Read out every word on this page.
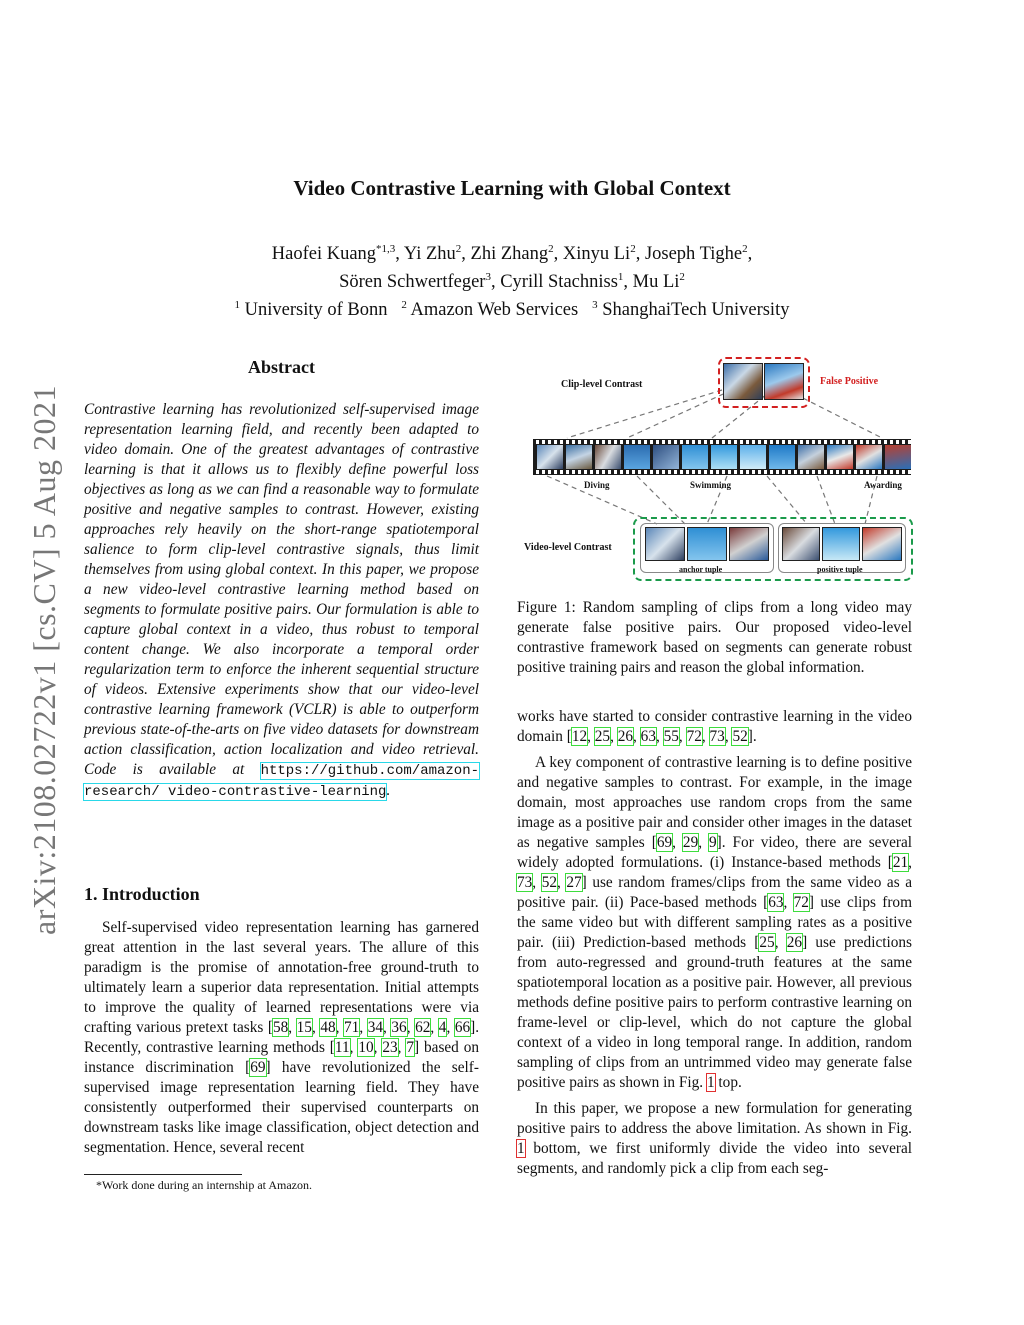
Video Contrastive Learning with Global Context
Haofei Kuang$^{*1,3}$, Yi Zhu$^2$, Zhi Zhang$^2$, Xinyu Li$^2$, Joseph Tighe$^2$,
Sören Schwertfeger$^3$, Cyrill Stachniss$^1$, Mu Li$^2$
$^1$ University of Bonn $^2$ Amazon Web Services $^3$ ShanghaiTech University
arXiv:2108.02722v1 [cs.CV] 5 Aug 2021
Abstract
Contrastive learning has revolutionized self-supervised image representation learning field, and recently been adapted to video domain. One of the greatest advantages of contrastive learning is that it allows us to flexibly define powerful loss objectives as long as we can find a reasonable way to formulate positive and negative samples to contrast. However, existing approaches rely heavily on the short-range spatiotemporal salience to form clip-level contrastive signals, thus limit themselves from using global context. In this paper, we propose a new video-level contrastive learning method based on segments to formulate positive pairs. Our formulation is able to capture global context in a video, thus robust to temporal content change. We also incorporate a temporal order regularization term to enforce the inherent sequential structure of videos. Extensive experiments show that our video-level contrastive learning framework (VCLR) is able to outperform previous state-of-the-arts on five video datasets for downstream action classification, action localization and video retrieval. Code is available at https://github.com/amazon-research/ video-contrastive-learning.
1. Introduction

Self-supervised video representation learning has garnered great attention in the last several years. The allure of this paradigm is the promise of annotation-free ground-truth to ultimately learn a superior data representation. Initial attempts to improve the quality of learned representations were via crafting various pretext tasks [58, 15, 48, 71, 34, 36, 62, 4, 66]. Recently, contrastive learning methods [11, 10, 23, 7] based on instance discrimination [69] have revolutionized the self-supervised image representation learning field. They have consistently outperformed their supervised counterparts on downstream tasks like image classification, object detection and segmentation. Hence, several recent

*Work done during an internship at Amazon.
Clip-level Contrast	False Positive
Diving	Swimming	Awarding
Video-level Contrast
anchor tuple	positive tuple
Figure 1: Random sampling of clips from a long video may generate false positive pairs. Our proposed video-level contrastive framework based on segments can generate robust positive training pairs and reason the global information.

works have started to consider contrastive learning in the video domain [12, 25, 26, 63, 55, 72, 73, 52].

A key component of contrastive learning is to define positive and negative samples to contrast. For example, in the image domain, most approaches use random crops from the same image as a positive pair and consider other images in the dataset as negative samples [69, 29, 9]. For video, there are several widely adopted formulations. (i) Instance-based methods [21, 73, 52, 27] use random frames/clips from the same video as a positive pair. (ii) Pace-based methods [63, 72] use clips from the same video but with different sampling rates as a positive pair. (iii) Prediction-based methods [25, 26] use predictions from auto-regressed and ground-truth features at the same spatiotemporal location as a positive pair. However, all previous methods define positive pairs to perform contrastive learning on frame-level or clip-level, which do not capture the global context of a video in long temporal range. In addition, random sampling of clips from an untrimmed video may generate false positive pairs as shown in Fig. 1 top.

In this paper, we propose a new formulation for generating positive pairs to address the above limitation. As shown in Fig. 1 bottom, we first uniformly divide the video into several segments, and randomly pick a clip from each seg-
